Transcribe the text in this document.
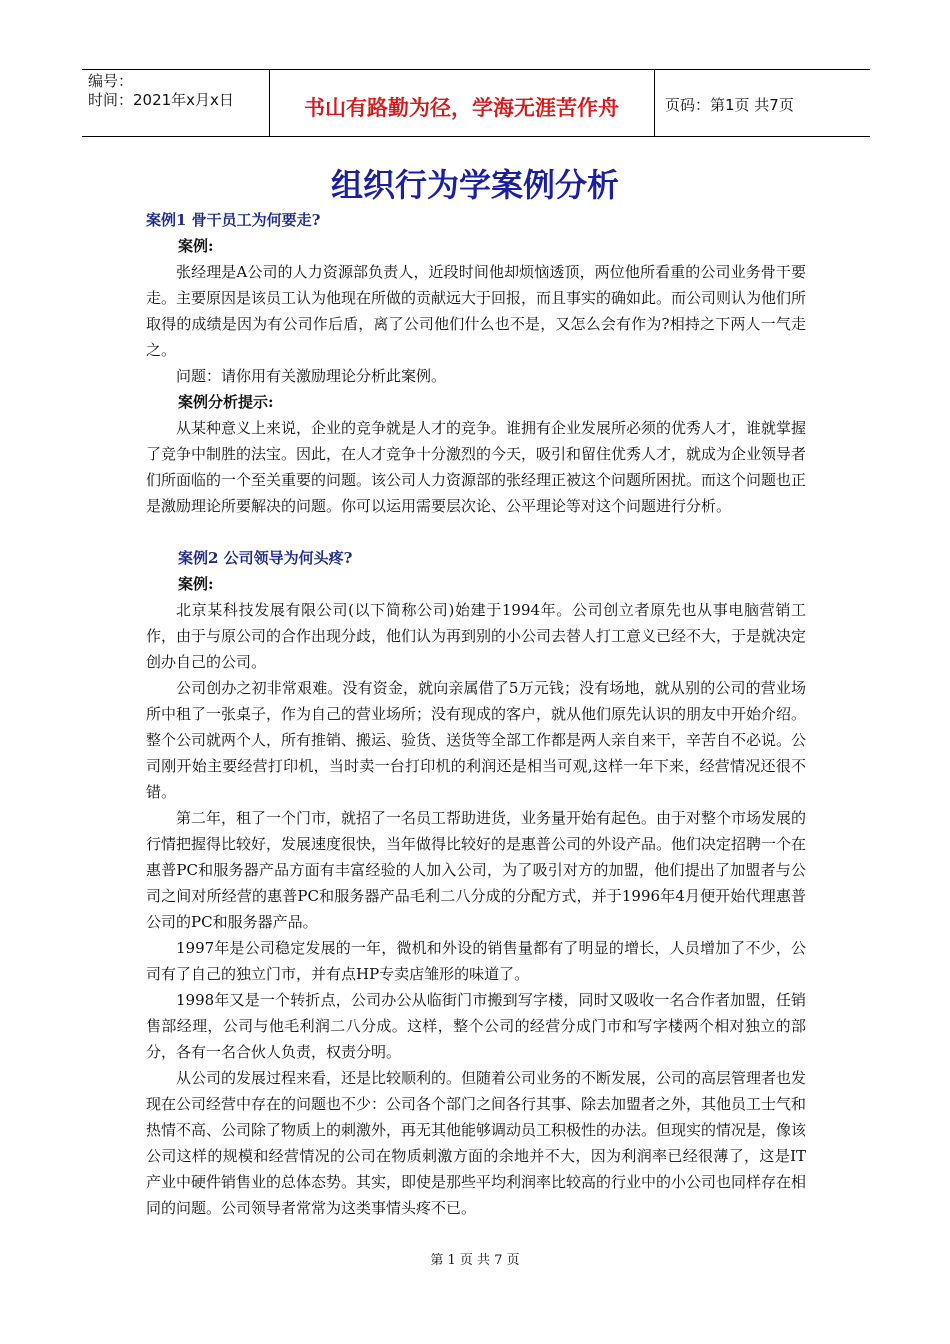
编号：
时间：2021年x月x日	书山有路勤为径，学海无涯苦作舟	页码：第1页 共7页
组织行为学案例分析
案例1 骨干员工为何要走?
案例:

张经理是A公司的人力资源部负责人，近段时间他却烦恼透顶，两位他所看重的公司业务骨干要走。主要原因是该员工认为他现在所做的贡献远大于回报，而且事实的确如此。而公司则认为他们所取得的成绩是因为有公司作后盾，离了公司他们什么也不是，又怎么会有作为?相持之下两人一气走之。

问题：请你用有关激励理论分析此案例。

案例分析提示:

从某种意义上来说，企业的竞争就是人才的竞争。谁拥有企业发展所必须的优秀人才，谁就掌握了竞争中制胜的法宝。因此，在人才竞争十分激烈的今天，吸引和留住优秀人才，就成为企业领导者们所面临的一个至关重要的问题。该公司人力资源部的张经理正被这个问题所困扰。而这个问题也正是激励理论所要解决的问题。你可以运用需要层次论、公平理论等对这个问题进行分析。

案例2 公司领导为何头疼?
案例:

北京某科技发展有限公司(以下简称公司)始建于1994年。公司创立者原先也从事电脑营销工作，由于与原公司的合作出现分歧，他们认为再到别的小公司去替人打工意义已经不大，于是就决定创办自己的公司。

公司创办之初非常艰难。没有资金，就向亲属借了5万元钱；没有场地，就从别的公司的营业场所中租了一张桌子，作为自己的营业场所；没有现成的客户，就从他们原先认识的朋友中开始介绍。整个公司就两个人，所有推销、搬运、验货、送货等全部工作都是两人亲自来干，辛苦自不必说。公司刚开始主要经营打印机，当时卖一台打印机的利润还是相当可观,这样一年下来，经营情况还很不错。

第二年，租了一个门市，就招了一名员工帮助进货，业务量开始有起色。由于对整个市场发展的行情把握得比较好，发展速度很快，当年做得比较好的是惠普公司的外设产品。他们决定招聘一个在惠普PC和服务器产品方面有丰富经验的人加入公司，为了吸引对方的加盟，他们提出了加盟者与公司之间对所经营的惠普PC和服务器产品毛利二八分成的分配方式，并于1996年4月便开始代理惠普公司的PC和服务器产品。

1997年是公司稳定发展的一年，微机和外设的销售量都有了明显的增长，人员增加了不少，公司有了自己的独立门市，并有点HP专卖店雏形的味道了。

1998年又是一个转折点，公司办公从临街门市搬到写字楼，同时又吸收一名合作者加盟，任销售部经理，公司与他毛利润二八分成。这样，整个公司的经营分成门市和写字楼两个相对独立的部分，各有一名合伙人负责，权责分明。

从公司的发展过程来看，还是比较顺利的。但随着公司业务的不断发展，公司的高层管理者也发现在公司经营中存在的问题也不少：公司各个部门之间各行其事、除去加盟者之外，其他员工士气和热情不高、公司除了物质上的刺激外，再无其他能够调动员工积极性的办法。但现实的情况是，像该公司这样的规模和经营情况的公司在物质刺激方面的余地并不大，因为利润率已经很薄了，这是IT产业中硬件销售业的总体态势。其实，即使是那些平均利润率比较高的行业中的小公司也同样存在相同的问题。公司领导者常常为这类事情头疼不已。

第 1 页 共 7 页
